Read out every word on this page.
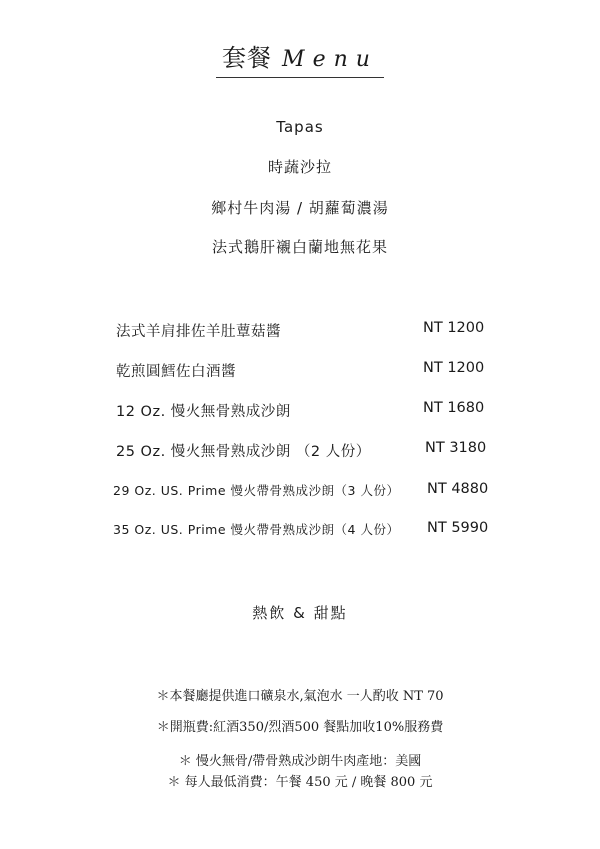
套餐 Menu
Tapas
時蔬沙拉
鄉村牛肉湯 / 胡蘿蔔濃湯
法式鵝肝襯白蘭地無花果
法式羊肩排佐羊肚蕈菇醬	NT 1200
乾煎圓鱈佐白酒醬	NT 1200
12 Oz. 慢火無骨熟成沙朗	NT 1680
25 Oz. 慢火無骨熟成沙朗 （2 人份）	NT 3180
29 Oz. US. Prime 慢火帶骨熟成沙朗（3 人份） NT 4880
35 Oz. US. Prime 慢火帶骨熟成沙朗（4 人份） NT 5990
熱飲 & 甜點
＊本餐廳提供進口礦泉水,氣泡水 一人酌收 NT 70
＊開瓶費:紅酒350/烈酒500 餐點加收10%服務費
＊ 慢火無骨/帶骨熟成沙朗牛肉產地：美國
＊ 每人最低消費：午餐 450 元 / 晚餐 800 元
